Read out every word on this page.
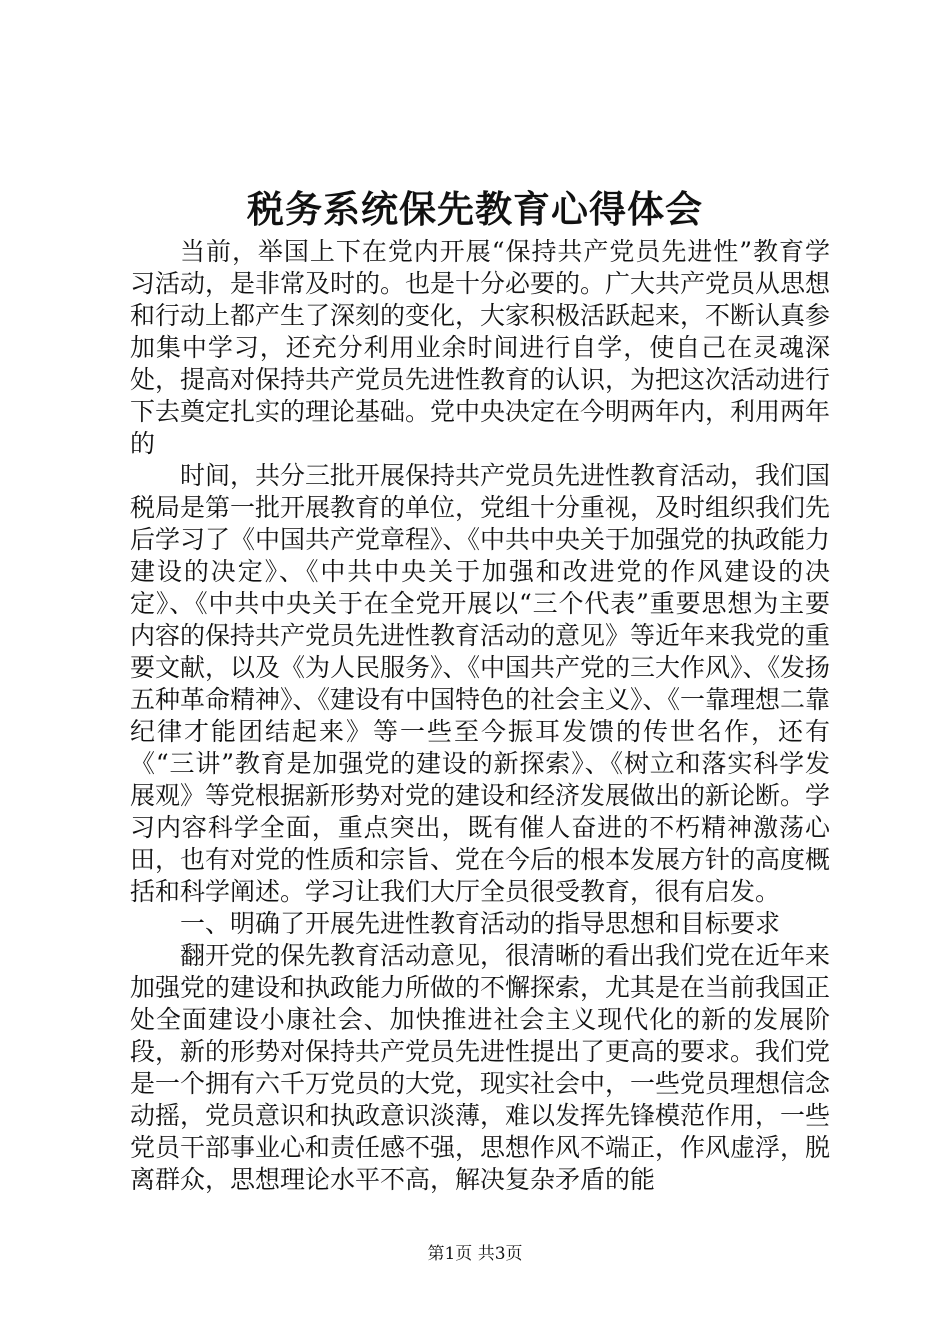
税务系统保先教育心得体会

当前，举国上下在党内开展“保持共产党员先进性”教育学习活动，是非常及时的。也是十分必要的。广大共产党员从思想和行动上都产生了深刻的变化，大家积极活跃起来，不断认真参加集中学习，还充分利用业余时间进行自学，使自己在灵魂深处，提高对保持共产党员先进性教育的认识，为把这次活动进行下去奠定扎实的理论基础。党中央决定在今明两年内，利用两年的

时间，共分三批开展保持共产党员先进性教育活动，我们国税局是第一批开展教育的单位，党组十分重视，及时组织我们先后学习了《中国共产党章程》、《中共中央关于加强党的执政能力建设的决定》、《中共中央关于加强和改进党的作风建设的决定》、《中共中央关于在全党开展以“三个代表”重要思想为主要内容的保持共产党员先进性教育活动的意见》等近年来我党的重要文献，以及《为人民服务》、《中国共产党的三大作风》、《发扬五种革命精神》、《建设有中国特色的社会主义》、《一靠理想二靠纪律才能团结起来》等一些至今振耳发馈的传世名作，还有《“三讲”教育是加强党的建设的新探索》、《树立和落实科学发展观》等党根据新形势对党的建设和经济发展做出的新论断。学习内容科学全面，重点突出，既有催人奋进的不朽精神激荡心田，也有对党的性质和宗旨、党在今后的根本发展方针的高度概括和科学阐述。学习让我们大厅全员很受教育，很有启发。

一、明确了开展先进性教育活动的指导思想和目标要求

翻开党的保先教育活动意见，很清晰的看出我们党在近年来加强党的建设和执政能力所做的不懈探索，尤其是在当前我国正处全面建设小康社会、加快推进社会主义现代化的新的发展阶段，新的形势对保持共产党员先进性提出了更高的要求。我们党是一个拥有六千万党员的大党，现实社会中，一些党员理想信念动摇，党员意识和执政意识淡薄，难以发挥先锋模范作用，一些党员干部事业心和责任感不强，思想作风不端正，作风虚浮，脱离群众，思想理论水平不高，解决复杂矛盾的能

第1页 共3页
